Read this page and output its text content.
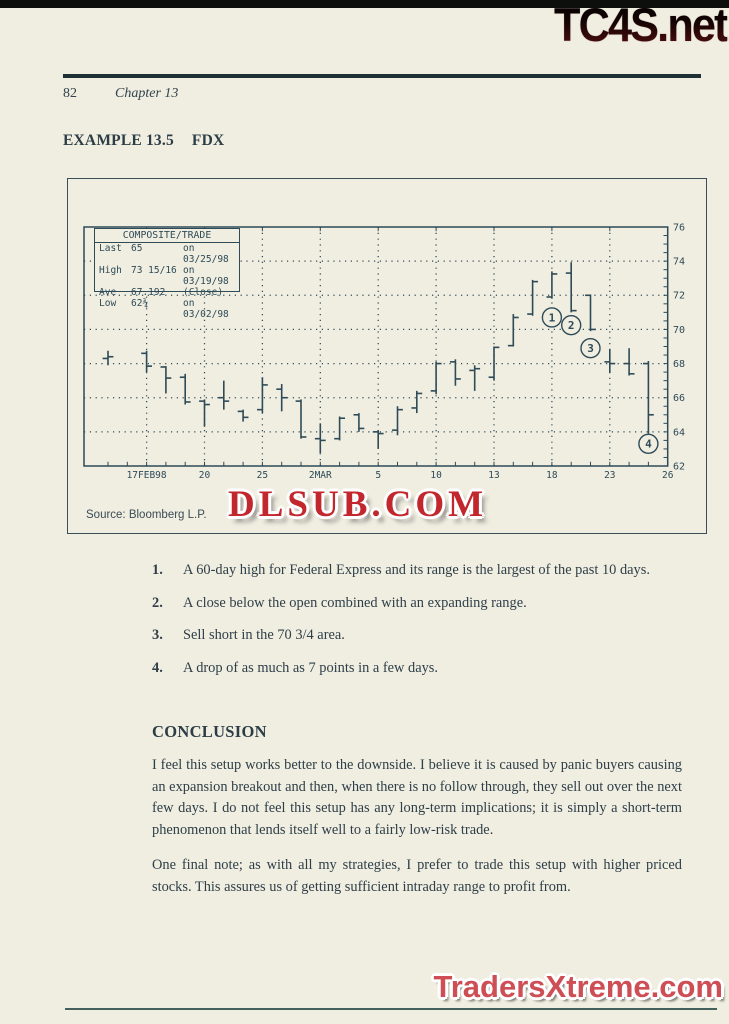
TC4S.net
82	Chapter 13
EXAMPLE 13.5 FDX
62
64
66
68
70
72
74
76
17FEB98	20	25	2MAR	5	10	13	18	23	26
1
2
3
4
COMPOSITE/TRADE
Last 65	on 03/25/98
High 73 15/16 on 03/19/98
Ave	67.192	(Close)
Low	62¾	on 03/02/98
Source: Bloomberg L.P. DLSUB.COM
1.	A 60-day high for Federal Express and its range is the largest of the past 10 days.
2.	A close below the open combined with an expanding range.
3.	Sell short in the 70 3/4 area.
4.	A drop of as much as 7 points in a few days.
CONCLUSION

I feel this setup works better to the downside. I believe it is caused by panic buyers causing an expansion breakout and then, when there is no follow through, they sell out over the next few days. I do not feel this setup has any long-term implications; it is simply a short-term phenomenon that lends itself well to a fairly low-risk trade.

One final note; as with all my strategies, I prefer to trade this setup with higher priced stocks. This assures us of getting sufficient intraday range to profit from.

TradersXtreme.com
